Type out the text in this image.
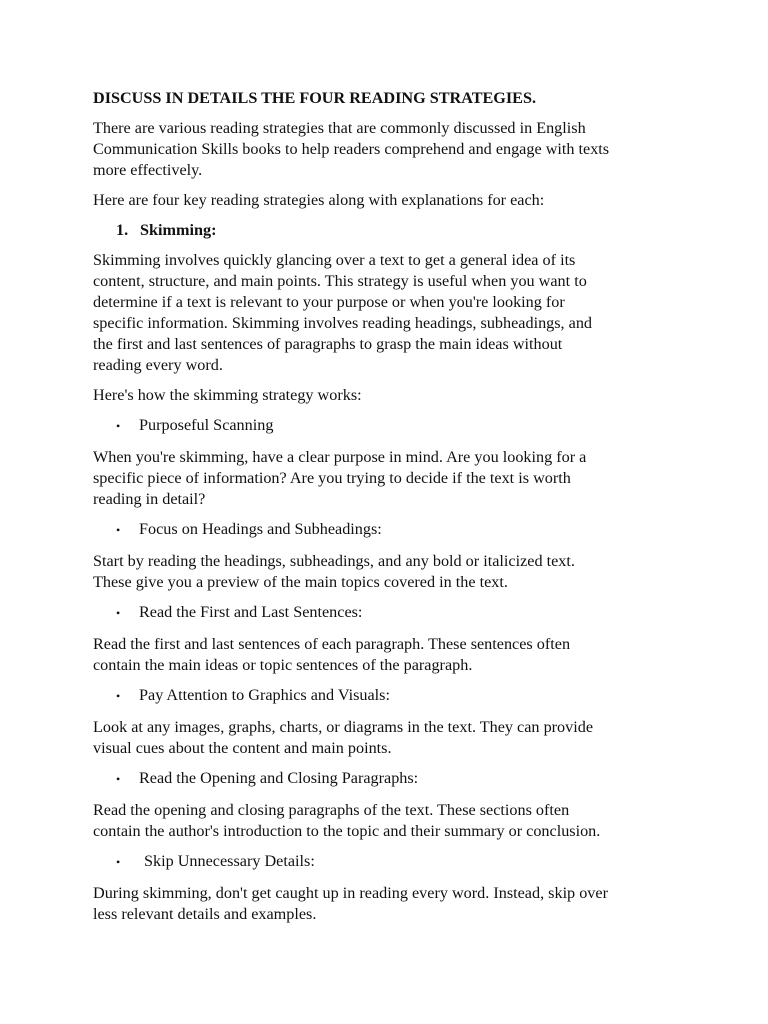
DISCUSS IN DETAILS THE FOUR READING STRATEGIES.
There are various reading strategies that are commonly discussed in English
Communication Skills books to help readers comprehend and engage with texts
more effectively.
Here are four key reading strategies along with explanations for each:
1. Skimming:
Skimming involves quickly glancing over a text to get a general idea of its
content, structure, and main points. This strategy is useful when you want to
determine if a text is relevant to your purpose or when you're looking for
specific information. Skimming involves reading headings, subheadings, and
the first and last sentences of paragraphs to grasp the main ideas without
reading every word.
Here's how the skimming strategy works:
•	Purposeful Scanning
When you're skimming, have a clear purpose in mind. Are you looking for a
specific piece of information? Are you trying to decide if the text is worth
reading in detail?
•	Focus on Headings and Subheadings:
Start by reading the headings, subheadings, and any bold or italicized text.
These give you a preview of the main topics covered in the text.
•	Read the First and Last Sentences:
Read the first and last sentences of each paragraph. These sentences often
contain the main ideas or topic sentences of the paragraph.
•	Pay Attention to Graphics and Visuals:
Look at any images, graphs, charts, or diagrams in the text. They can provide
visual cues about the content and main points.
•	Read the Opening and Closing Paragraphs:
Read the opening and closing paragraphs of the text. These sections often
contain the author's introduction to the topic and their summary or conclusion.
•	Skip Unnecessary Details:
During skimming, don't get caught up in reading every word. Instead, skip over
less relevant details and examples.
